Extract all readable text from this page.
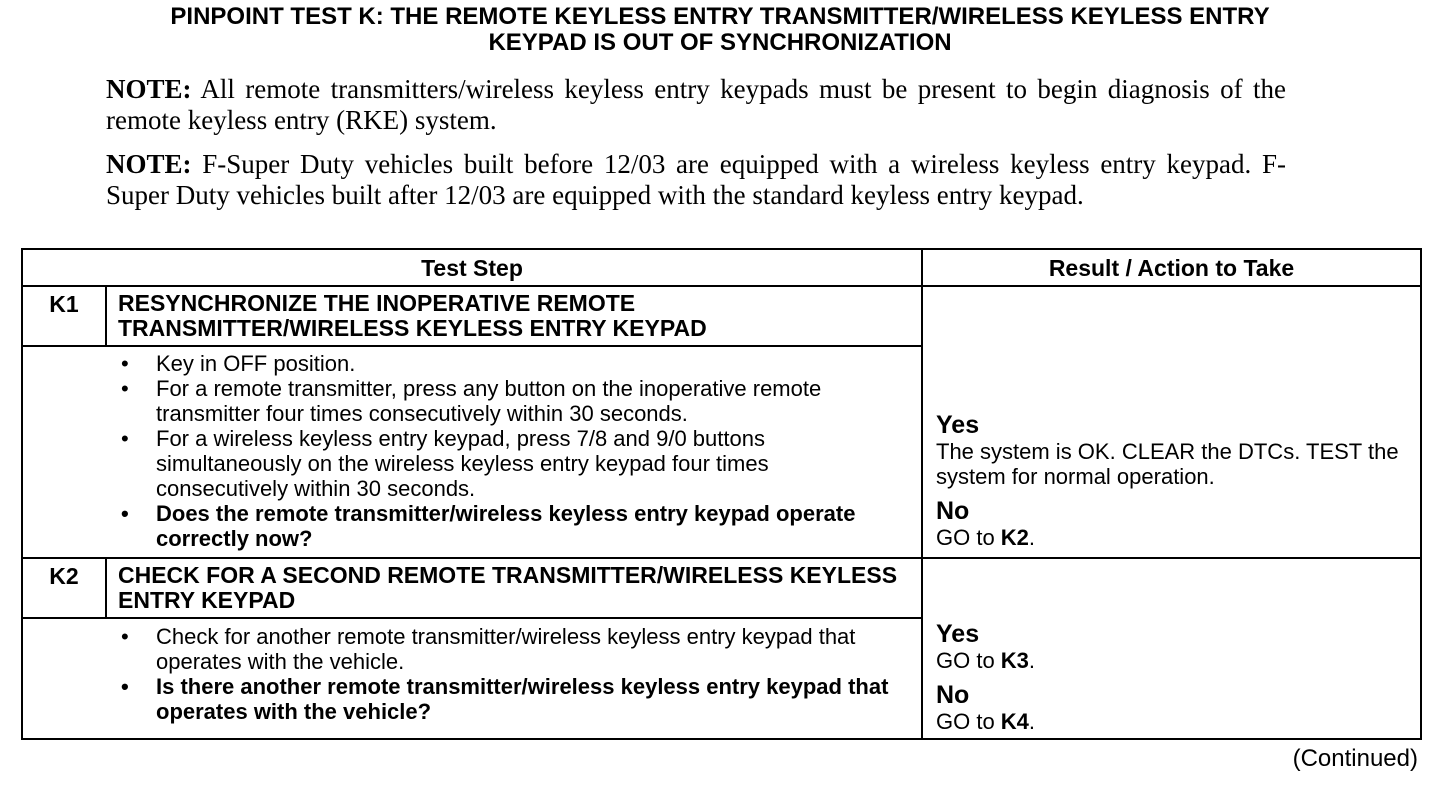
PINPOINT TEST K: THE REMOTE KEYLESS ENTRY TRANSMITTER/WIRELESS KEYLESS ENTRY
KEYPAD IS OUT OF SYNCHRONIZATION
NOTE: All remote transmitters/wireless keyless entry keypads must be present to begin diagnosis of the remote keyless entry (RKE) system.
NOTE: F-Super Duty vehicles built before 12/03 are equipped with a wireless keyless entry keypad. F-Super Duty vehicles built after 12/03 are equipped with the standard keyless entry keypad.
Test Step	Result / Action to Take
K1	RESYNCHRONIZE THE INOPERATIVE REMOTE TRANSMITTER/WIRELESS KEYLESS ENTRY KEYPAD
• Key in OFF position.
• For a remote transmitter, press any button on the inoperative remote transmitter four times consecutively within 30 seconds.
• For a wireless keyless entry keypad, press 7/8 and 9/0 buttons simultaneously on the wireless keyless entry keypad four times consecutively within 30 seconds.
• Does the remote transmitter/wireless keyless entry keypad operate correctly now?
Yes
The system is OK. CLEAR the DTCs. TEST the system for normal operation.
No
GO to K2.
K2	CHECK FOR A SECOND REMOTE TRANSMITTER/WIRELESS KEYLESS ENTRY KEYPAD
• Check for another remote transmitter/wireless keyless entry keypad that operates with the vehicle.
• Is there another remote transmitter/wireless keyless entry keypad that operates with the vehicle?
Yes
GO to K3.
No
GO to K4.
(Continued)
